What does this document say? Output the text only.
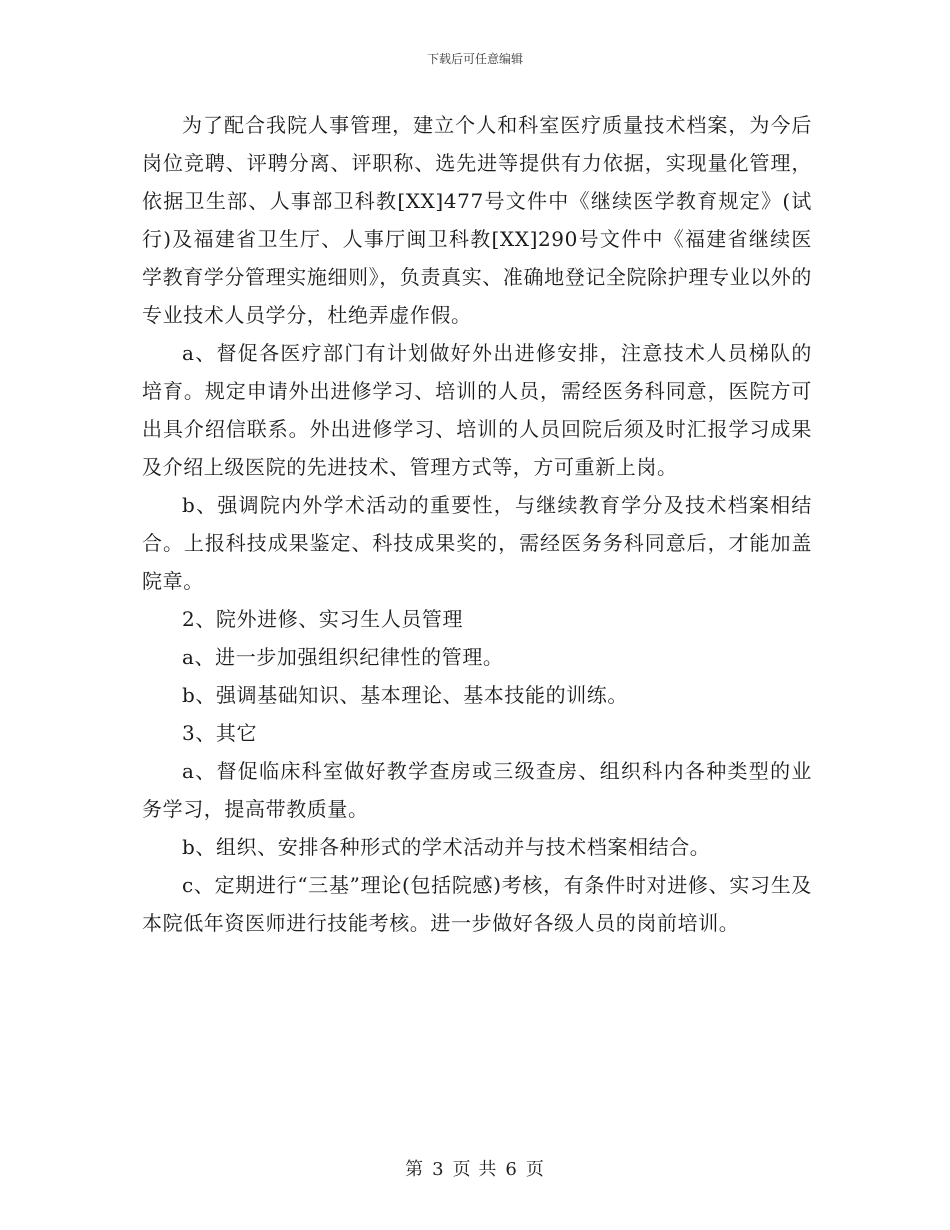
下载后可任意编辑

为了配合我院人事管理，建立个人和科室医疗质量技术档案，为今后岗位竞聘、评聘分离、评职称、选先进等提供有力依据，实现量化管理，依据卫生部、人事部卫科教[XX]477号文件中《继续医学教育规定》(试行)及福建省卫生厅、人事厅闽卫科教[XX]290号文件中《福建省继续医学教育学分管理实施细则》，负责真实、准确地登记全院除护理专业以外的专业技术人员学分，杜绝弄虚作假。

a、督促各医疗部门有计划做好外出进修安排，注意技术人员梯队的培育。规定申请外出进修学习、培训的人员，需经医务科同意，医院方可出具介绍信联系。外出进修学习、培训的人员回院后须及时汇报学习成果及介绍上级医院的先进技术、管理方式等，方可重新上岗。

b、强调院内外学术活动的重要性，与继续教育学分及技术档案相结合。上报科技成果鉴定、科技成果奖的，需经医务务科同意后，才能加盖院章。

2、院外进修、实习生人员管理

a、进一步加强组织纪律性的管理。

b、强调基础知识、基本理论、基本技能的训练。

3、其它

a、督促临床科室做好教学查房或三级查房、组织科内各种类型的业务学习，提高带教质量。

b、组织、安排各种形式的学术活动并与技术档案相结合。

c、定期进行“三基”理论(包括院感)考核，有条件时对进修、实习生及本院低年资医师进行技能考核。进一步做好各级人员的岗前培训。

第 3 页 共 6 页
